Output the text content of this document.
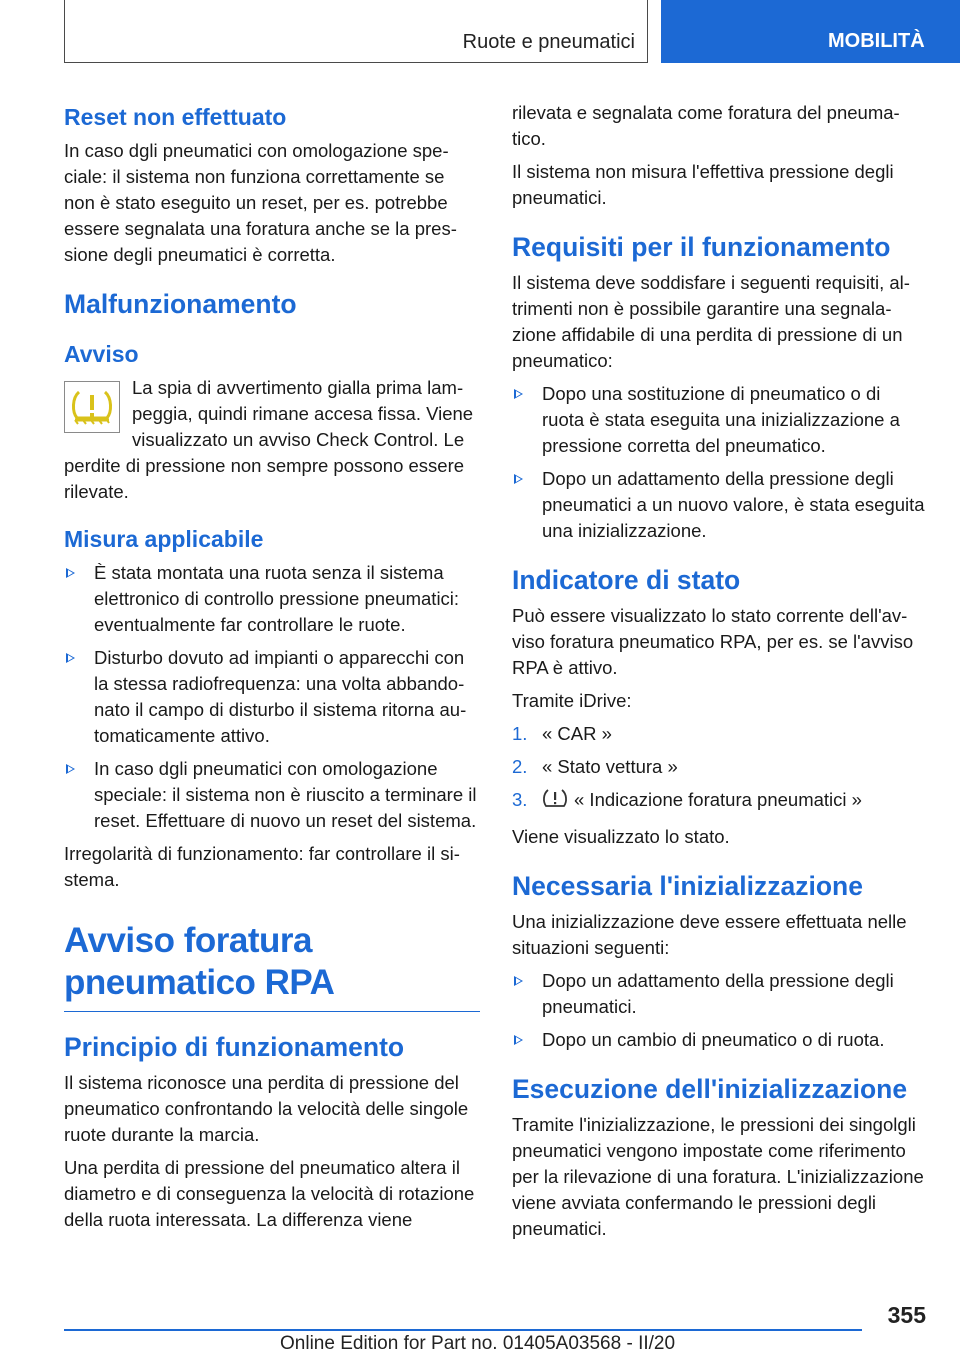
Ruote e pneumatici	MOBILITÀ
Reset non effettuato

In caso dgli pneumatici con omologazione speciale: il sistema non funziona correttamente se non è stato eseguito un reset, per es. potrebbe essere segnalata una foratura anche se la pressione degli pneumatici è corretta.

Malfunzionamento
Avviso

La spia di avvertimento gialla prima lampeggia, quindi rimane accesa fissa. Viene visualizzato un avviso Check Control. Le perdite di pressione non sempre possono essere rilevate.

Misura applicabile
È stata montata una ruota senza il sistema elettronico di controllo pressione pneumatici: eventualmente far controllare le ruote.
Disturbo dovuto ad impianti o apparecchi con la stessa radiofrequenza: una volta abbandonato il campo di disturbo il sistema ritorna automaticamente attivo.
In caso dgli pneumatici con omologazione speciale: il sistema non è riuscito a terminare il reset. Effettuare di nuovo un reset del sistema.

Irregolarità di funzionamento: far controllare il sistema.

Avviso foratura pneumatico RPA
Principio di funzionamento

Il sistema riconosce una perdita di pressione del pneumatico confrontando la velocità delle singole ruote durante la marcia.

Una perdita di pressione del pneumatico altera il diametro e di conseguenza la velocità di rotazione della ruota interessata. La differenza viene

rilevata e segnalata come foratura del pneumatico.

Il sistema non misura l'effettiva pressione degli pneumatici.

Requisiti per il funzionamento

Il sistema deve soddisfare i seguenti requisiti, altrimenti non è possibile garantire una segnalazione affidabile di una perdita di pressione di un pneumatico:

Dopo una sostituzione di pneumatico o di ruota è stata eseguita una inizializzazione a pressione corretta del pneumatico.
Dopo un adattamento della pressione degli pneumatici a un nuovo valore, è stata eseguita una inizializzazione.
Indicatore di stato

Può essere visualizzato lo stato corrente dell'avviso foratura pneumatico RPA, per es. se l'avviso RPA è attivo.

Tramite iDrive:

1. « CAR »
2. « Stato vettura »
3.	« Indicazione foratura pneumatici »

Viene visualizzato lo stato.

Necessaria l'inizializzazione

Una inizializzazione deve essere effettuata nelle situazioni seguenti:

Dopo un adattamento della pressione degli pneumatici.
Dopo un cambio di pneumatico o di ruota.
Esecuzione dell'inizializzazione

Tramite l'inizializzazione, le pressioni dei singolgli pneumatici vengono impostate come riferimento per la rilevazione di una foratura. L'inizializzazione viene avviata confermando le pressioni degli pneumatici.

355
Online Edition for Part no. 01405A03568 - II/20
